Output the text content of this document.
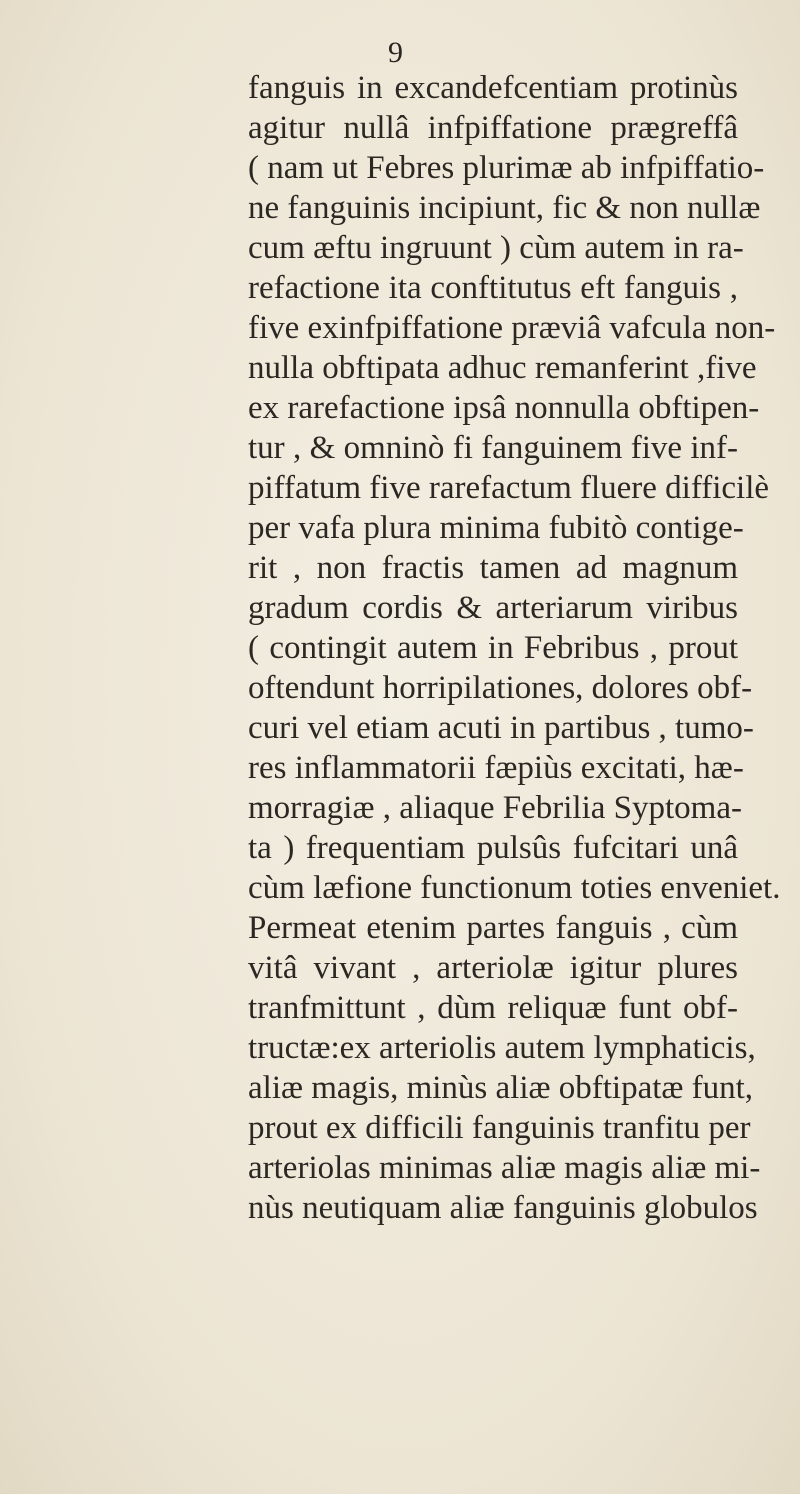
9
fanguis in excandefcentiam protinùs
agitur nullâ infpiffatione prægreffâ
( nam ut Febres plurimæ ab infpiffatio-
ne fanguinis incipiunt, fic & non nullæ
cum æftu ingruunt ) cùm autem in ra-
refactione ita conftitutus eft fanguis ,
five exinfpiffatione præviâ vafcula non-
nulla obftipata adhuc remanferint ,five
ex rarefactione ipsâ nonnulla obftipen-
tur , & omninò fi fanguinem five inf-
piffatum five rarefactum fluere difficilè
per vafa plura minima fubitò contige-
rit , non fractis tamen ad magnum
gradum cordis & arteriarum viribus
( contingit autem in Febribus , prout
oftendunt horripilationes, dolores obf-
curi vel etiam acuti in partibus , tumo-
res inflammatorii fæpiùs excitati, hæ-
morragiæ , aliaque Febrilia Syptoma-
ta ) frequentiam pulsûs fufcitari unâ
cùm læfione functionum toties enveniet.
Permeat etenim partes fanguis , cùm
vitâ vivant , arteriolæ igitur plures
tranfmittunt , dùm reliquæ funt obf-
tructæ:ex arteriolis autem lymphaticis,
aliæ magis, minùs aliæ obftipatæ funt,
prout ex difficili fanguinis tranfitu per
arteriolas minimas aliæ magis aliæ mi-
nùs neutiquam aliæ fanguinis globulos
